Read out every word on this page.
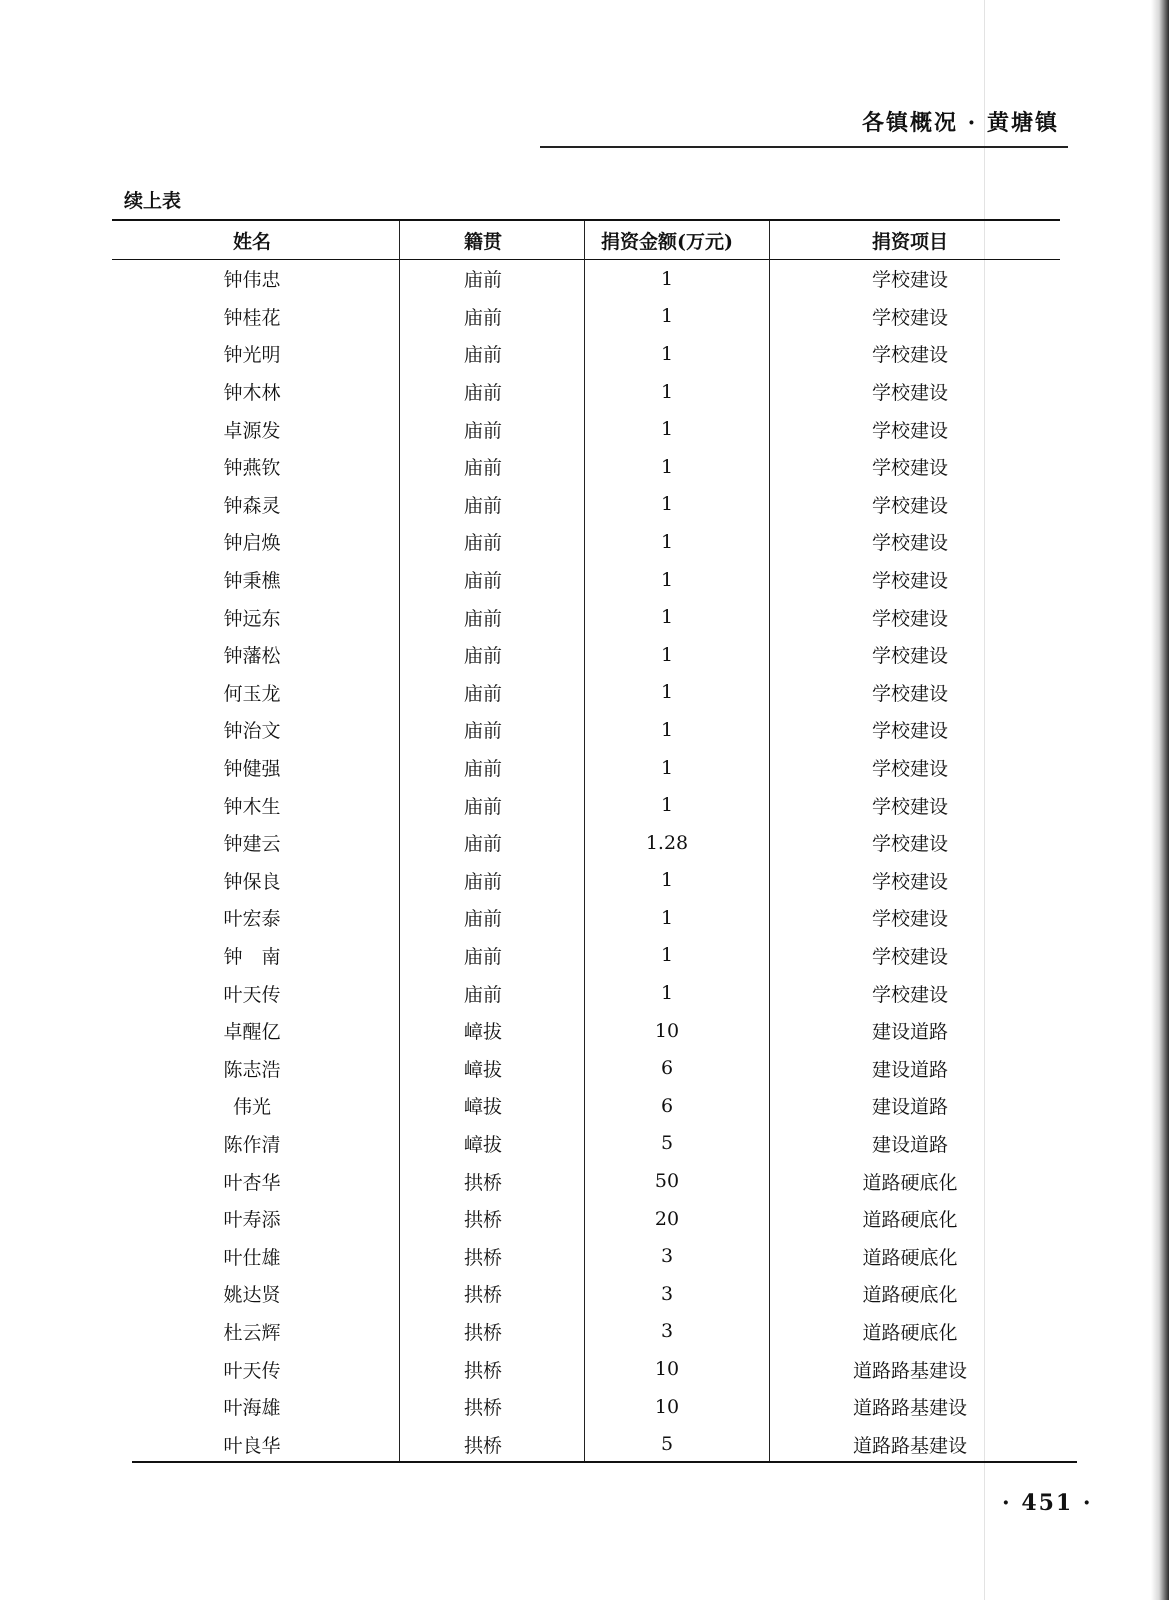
各镇概况 · 黄塘镇
续上表
姓名	籍贯	捐资金额(万元)	捐资项目
钟伟忠	庙前	1	学校建设
钟桂花	庙前	1	学校建设
钟光明	庙前	1	学校建设
钟木林	庙前	1	学校建设
卓源发	庙前	1	学校建设
钟燕钦	庙前	1	学校建设
钟森灵	庙前	1	学校建设
钟启焕	庙前	1	学校建设
钟秉樵	庙前	1	学校建设
钟远东	庙前	1	学校建设
钟藩松	庙前	1	学校建设
何玉龙	庙前	1	学校建设
钟治文	庙前	1	学校建设
钟健强	庙前	1	学校建设
钟木生	庙前	1	学校建设
钟建云	庙前	1.28	学校建设
钟保良	庙前	1	学校建设
叶宏泰	庙前	1	学校建设
钟　南	庙前	1	学校建设
叶天传	庙前	1	学校建设
卓醒亿	嶂拔	10	建设道路
陈志浩	嶂拔	6	建设道路
伟光	嶂拔	6	建设道路
陈作清	嶂拔	5	建设道路
叶杏华	拱桥	50	道路硬底化
叶寿添	拱桥	20	道路硬底化
叶仕雄	拱桥	3	道路硬底化
姚达贤	拱桥	3	道路硬底化
杜云辉	拱桥	3	道路硬底化
叶天传	拱桥	10	道路路基建设
叶海雄	拱桥	10	道路路基建设
叶良华	拱桥	5	道路路基建设
· 451 ·
